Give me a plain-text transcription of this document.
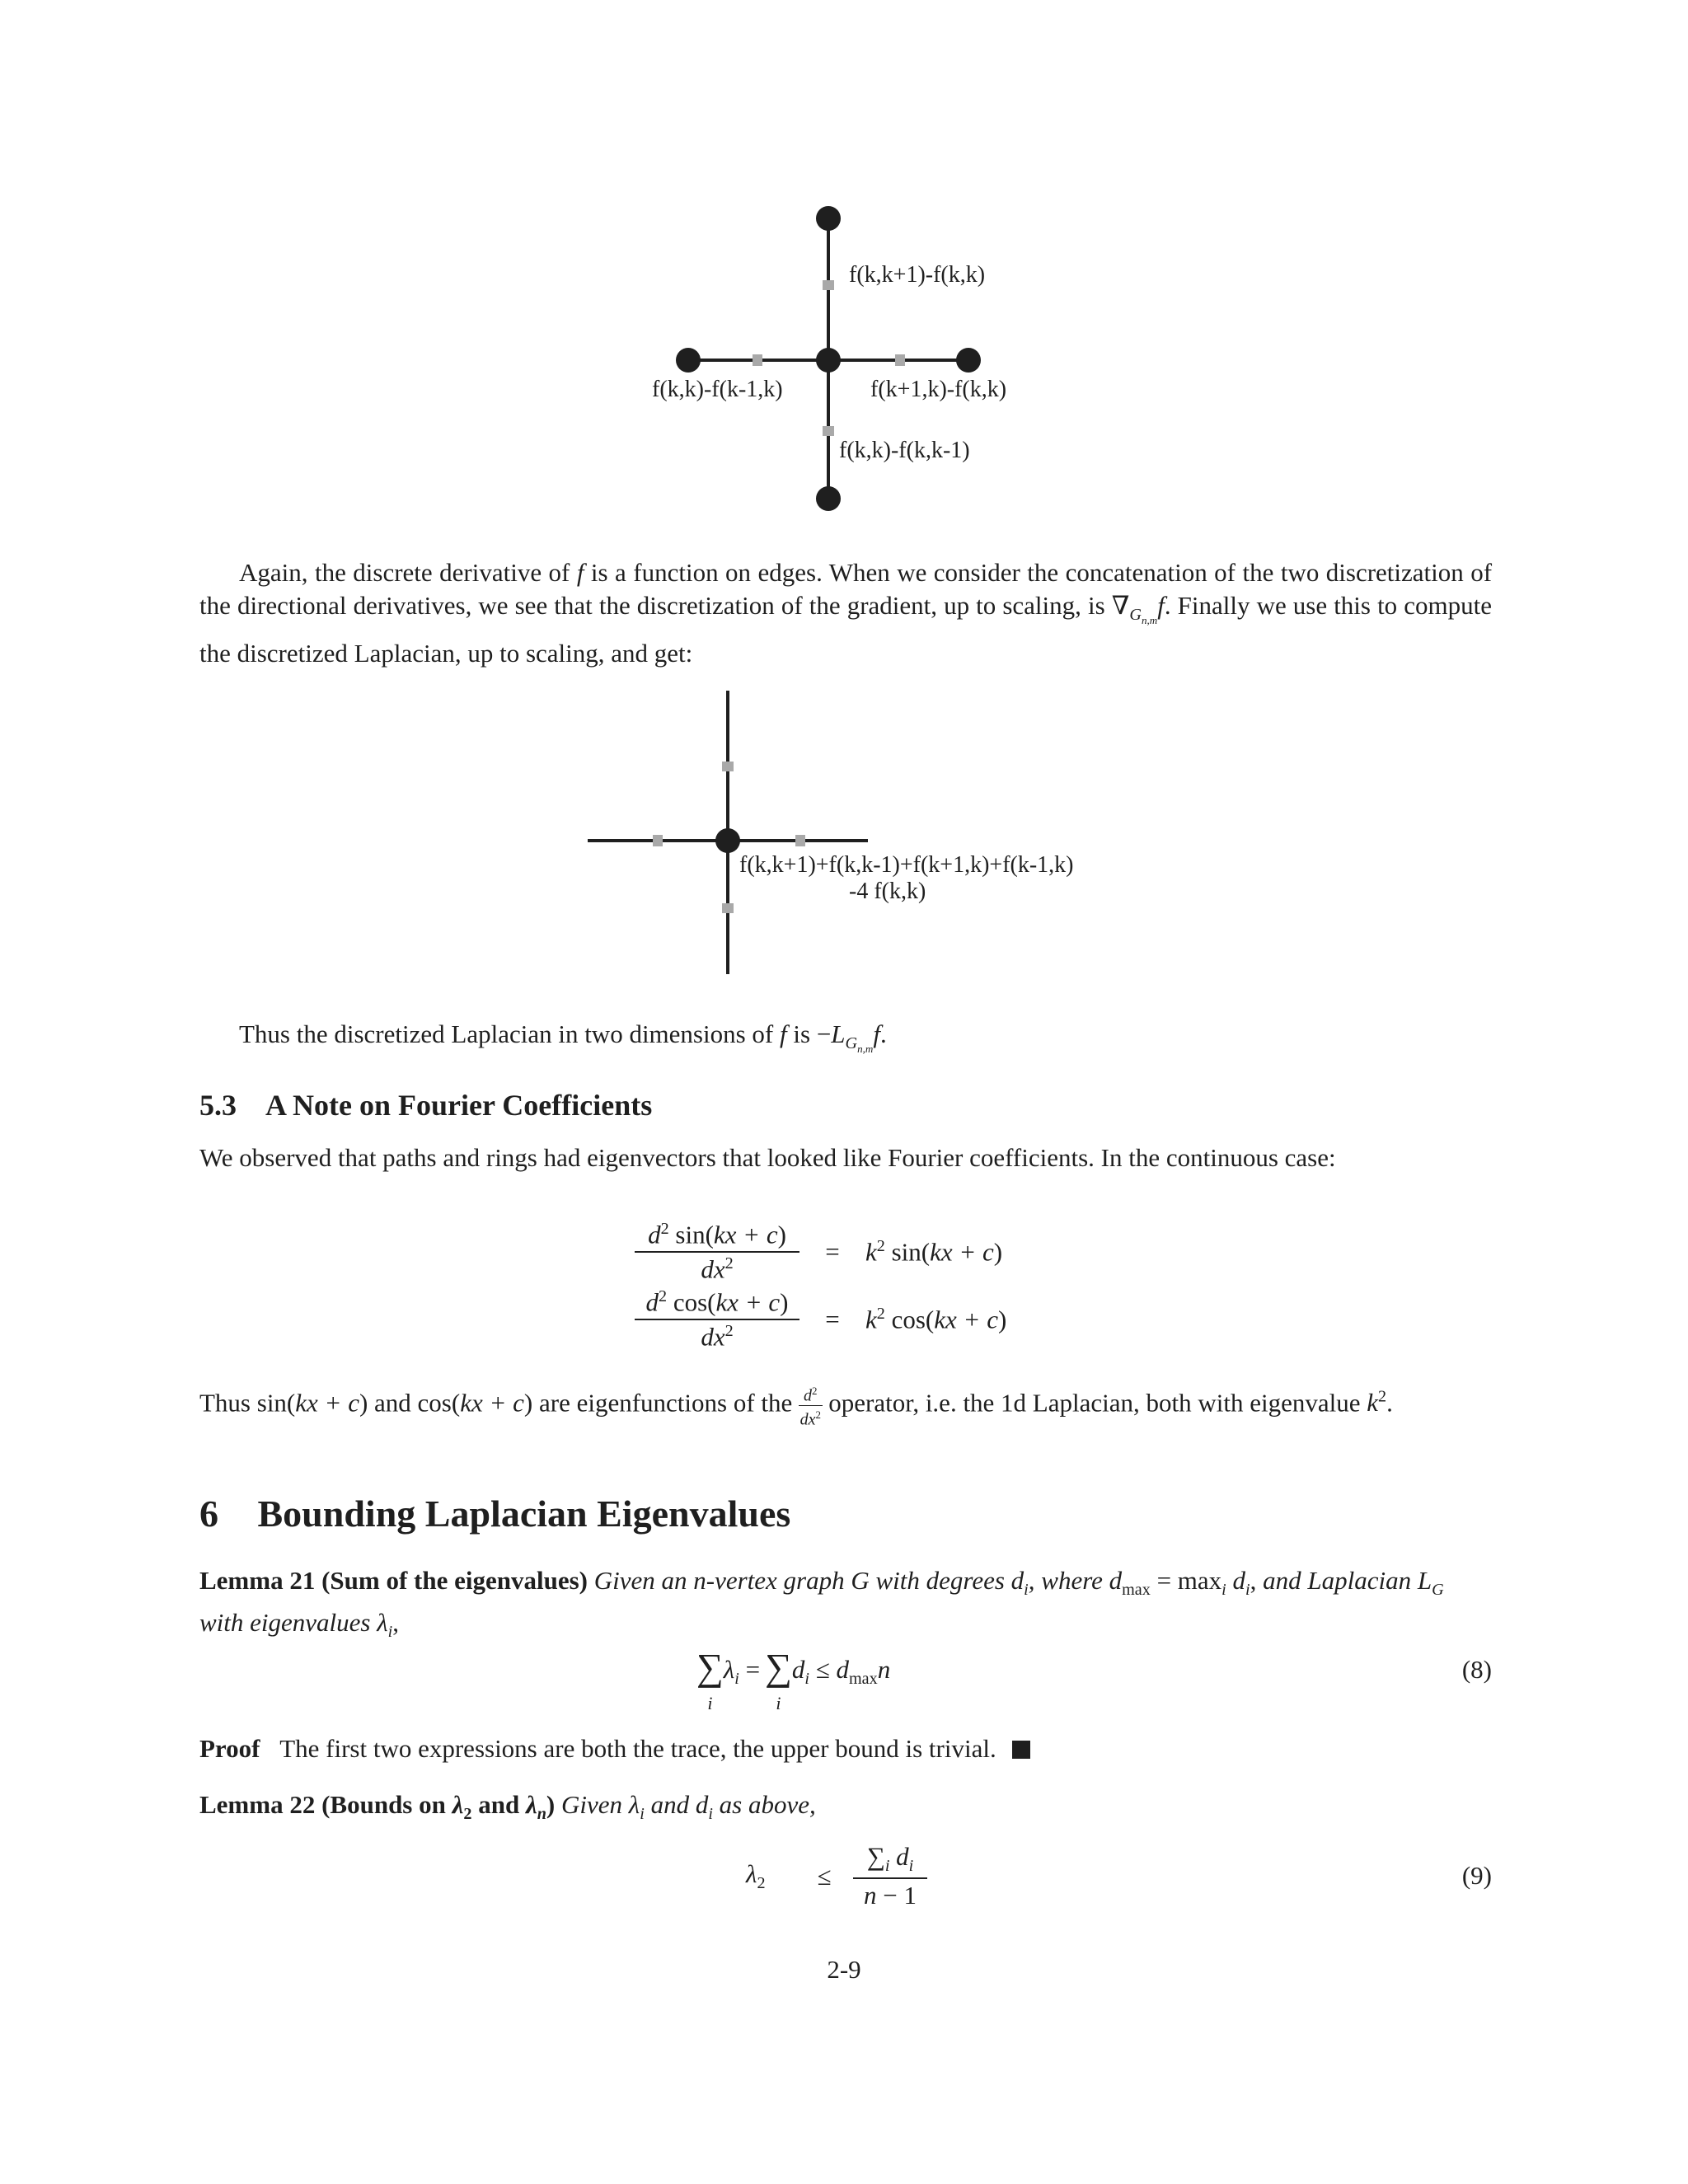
f(k,k+1)-f(k,k)
f(k,k)-f(k-1,k)	f(k+1,k)-f(k,k)
f(k,k)-f(k,k-1)
Again, the discrete derivative of f is a function on edges. When we consider the concatenation of the two discretization of the directional derivatives, we see that the discretization of the gradient, up to scaling, is $\nabla_{G_{n,m}}f$. Finally we use this to compute the discretized Laplacian, up to scaling, and get:
f(k,k+1)+f(k,k-1)+f(k+1,k)+f(k-1,k)
-4 f(k,k)
Thus the discretized Laplacian in two dimensions of f is $-L_{G_{n,m}}f$.
5.3 A Note on Fourier Coefficients
We observed that paths and rings had eigenvectors that looked like Fourier coefficients. In the continuous case:
$\frac{d^2 \sin(kx + c)}{dx^2}$	=	$k^2$ sin(kx + c)
$\frac{d^2 \cos(kx + c)}{dx^2}$	=	$k^2$ cos(kx + c)
Thus sin(kx + c) and cos(kx + c) are eigenfunctions of the $\frac{d^2}{dx^2}$ operator, i.e. the 1d Laplacian, both with eigenvalue $k^2$.
6 Bounding Laplacian Eigenvalues
Lemma 21 (Sum of the eigenvalues) Given an n-vertex graph G with degrees $d_i$, where $d_{max} = \max_i d_i$, and Laplacian $L_G$ with eigenvalues $\lambda_i$,
∑
i
$\lambda_i$ = ∑
i
$d_i \le d_{max}n$	(8)
Proof The first two expressions are both the trace, the upper bound is trivial.
Lemma 22 (Bounds on $\lambda_2$ and $\lambda_n$) Given $\lambda_i$ and $d_i$ as above,
$\lambda_2$	≤ $\frac{\sum_i d_i}{n - 1}$	(9)
2-9
